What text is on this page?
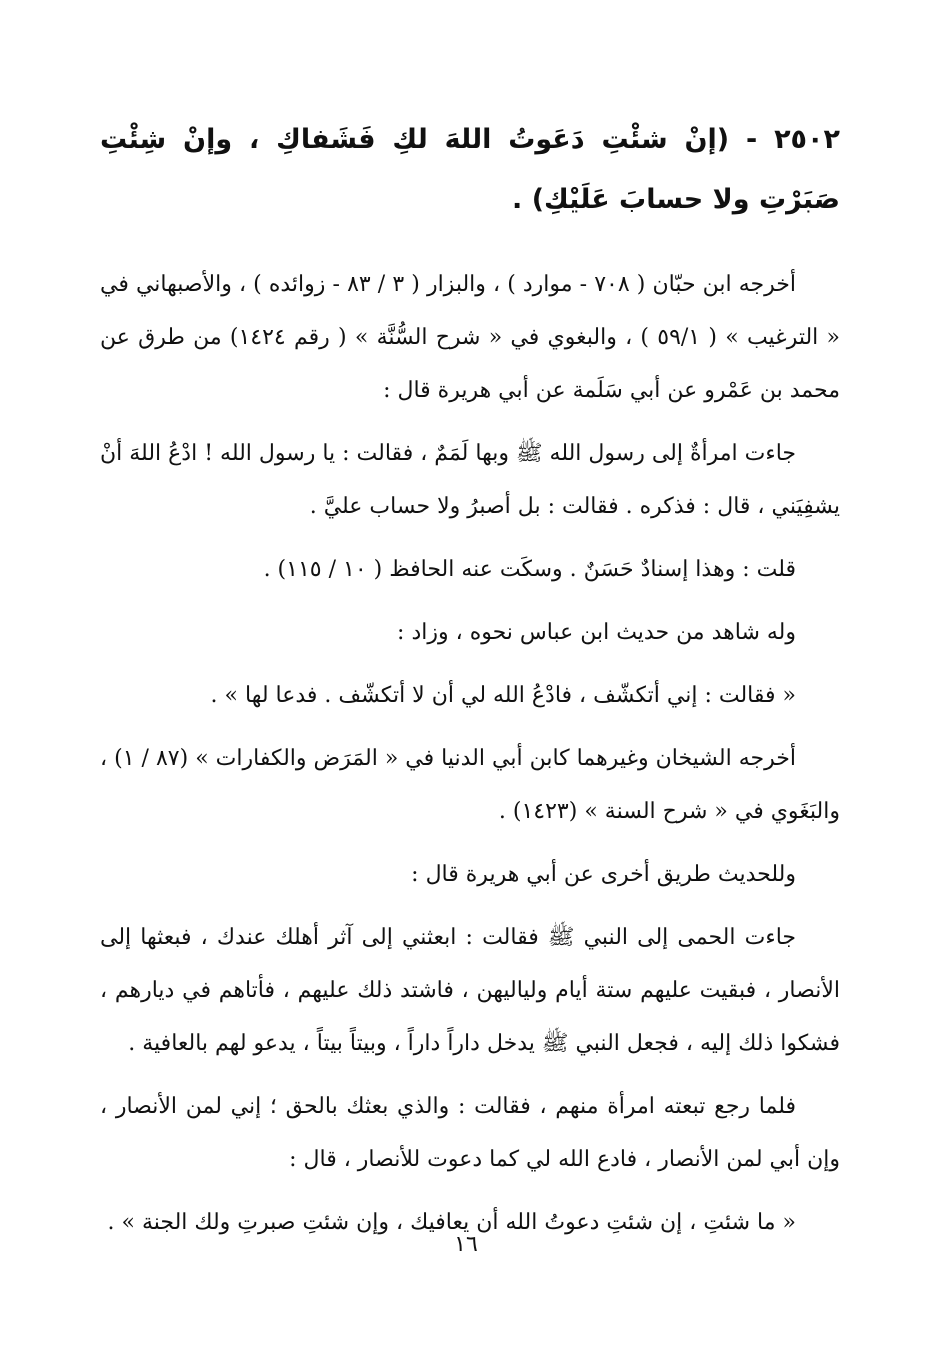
٢٥٠٢ - (إنْ شئْتِ دَعَوتُ اللهَ لكِ فَشَفاكِ ، وإنْ شِئْتِ صَبَرْتِ ولا حسابَ عَلَيْكِ) .

أخرجه ابن حبّان ( ٧٠٨ - موارد ) ، والبزار ( ٣ / ٨٣ - زوائده ) ، والأصبهاني في « الترغيب » ( ٥٩/١ ) ، والبغوي في « شرح السُّنَّة » ( رقم ١٤٢٤) من طرق عن محمد بن عَمْرو عن أبي سَلَمة عن أبي هريرة قال :

جاءت امرأةٌ إلى رسول الله ﷺ وبها لَمَمٌ ، فقالت : يا رسول الله ! ادْعُ اللهَ أنْ يشفِيَني ، قال : فذكره . فقالت : بل أصبرُ ولا حساب عليَّ .

قلت : وهذا إسنادٌ حَسَنٌ . وسكَت عنه الحافظ ( ١٠ / ١١٥) .

وله شاهد من حديث ابن عباس نحوه ، وزاد :

« فقالت : إني أتكشّف ، فادْعُ الله لي أن لا أتكشّف . فدعا لها » .

أخرجه الشيخان وغيرهما كابن أبي الدنيا في « المَرَض والكفارات » (٨٧ / ١) ، والبَغَوي في « شرح السنة » (١٤٢٣) .

وللحديث طريق أخرى عن أبي هريرة قال :

جاءت الحمى إلى النبي ﷺ فقالت : ابعثني إلى آثر أهلك عندك ، فبعثها إلى الأنصار ، فبقيت عليهم ستة أيام ولياليهن ، فاشتد ذلك عليهم ، فأتاهم في ديارهم ، فشكوا ذلك إليه ، فجعل النبي ﷺ يدخل داراً داراً ، وبيتاً بيتاً ، يدعو لهم بالعافية .

فلما رجع تبعته امرأة منهم ، فقالت : والذي بعثك بالحق ؛ إني لمن الأنصار ، وإن أبي لمن الأنصار ، فادع الله لي كما دعوت للأنصار ، قال :

« ما شئتِ ، إن شئتِ دعوتُ الله أن يعافيك ، وإن شئتِ صبرتِ ولك الجنة » .

١٦
